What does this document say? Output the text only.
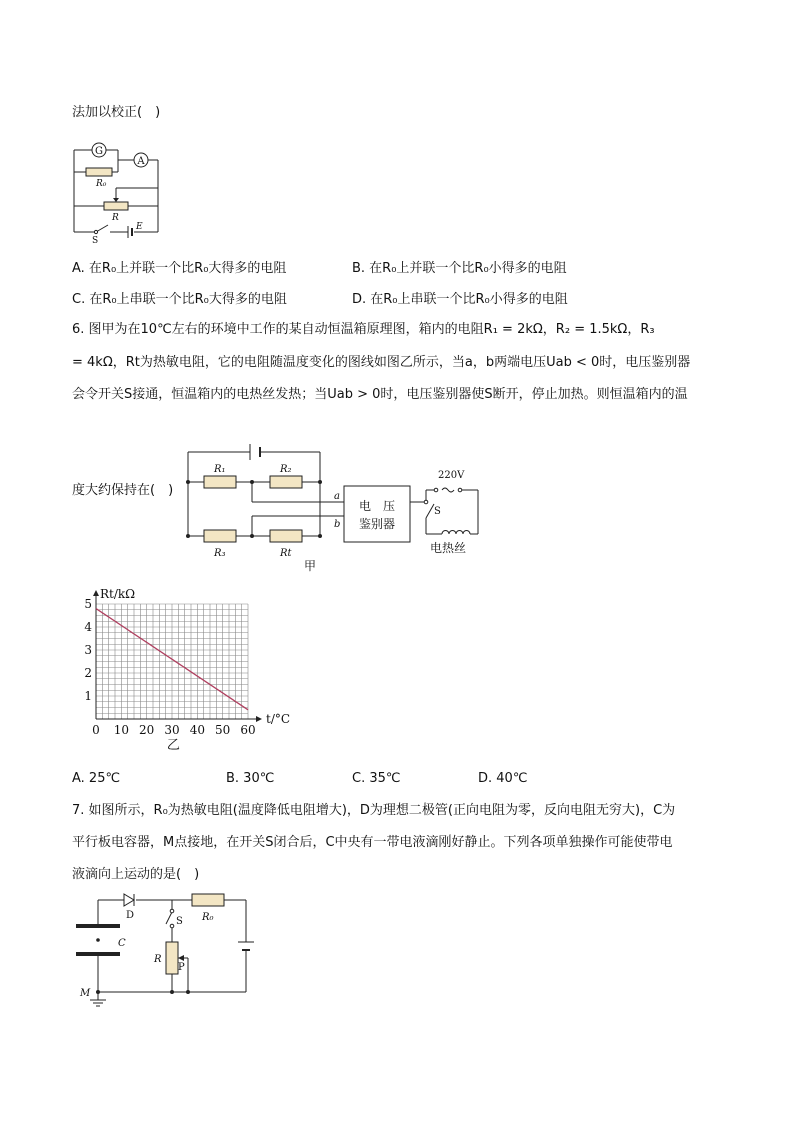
法加以校正(　)
G
A
R₀
R
S
E
A. 在R₀上并联一个比R₀大得多的电阻	B. 在R₀上并联一个比R₀小得多的电阻
C. 在R₀上串联一个比R₀大得多的电阻	D. 在R₀上串联一个比R₀小得多的电阻
6. 图甲为在10℃左右的环境中工作的某自动恒温箱原理图，箱内的电阻R₁ = 2kΩ，R₂ = 1.5kΩ，R₃
= 4kΩ，Rt为热敏电阻，它的电阻随温度变化的图线如图乙所示，当a，b两端电压Uab < 0时，电压鉴别器
会令开关S接通，恒温箱内的电热丝发热；当Uab > 0时，电压鉴别器使S断开，停止加热。则恒温箱内的温
度大约保持在(　)
R₁	R₂
R₃	Rt
a
b
电　压
鉴别器
220V
S
电热丝
甲
0 10 20 30 40 50 60
1
2
3
4
5
Rt/kΩ
t/°C
乙
A. 25℃	B. 30℃	C. 35℃	D. 40℃
7. 如图所示，R₀为热敏电阻(温度降低电阻增大)，D为理想二极管(正向电阻为零，反向电阻无穷大)，C为
平行板电容器，M点接地，在开关S闭合后，C中央有一带电液滴刚好静止。下列各项单独操作可能使带电
液滴向上运动的是(　)
D
S R₀
C
R
P
M
